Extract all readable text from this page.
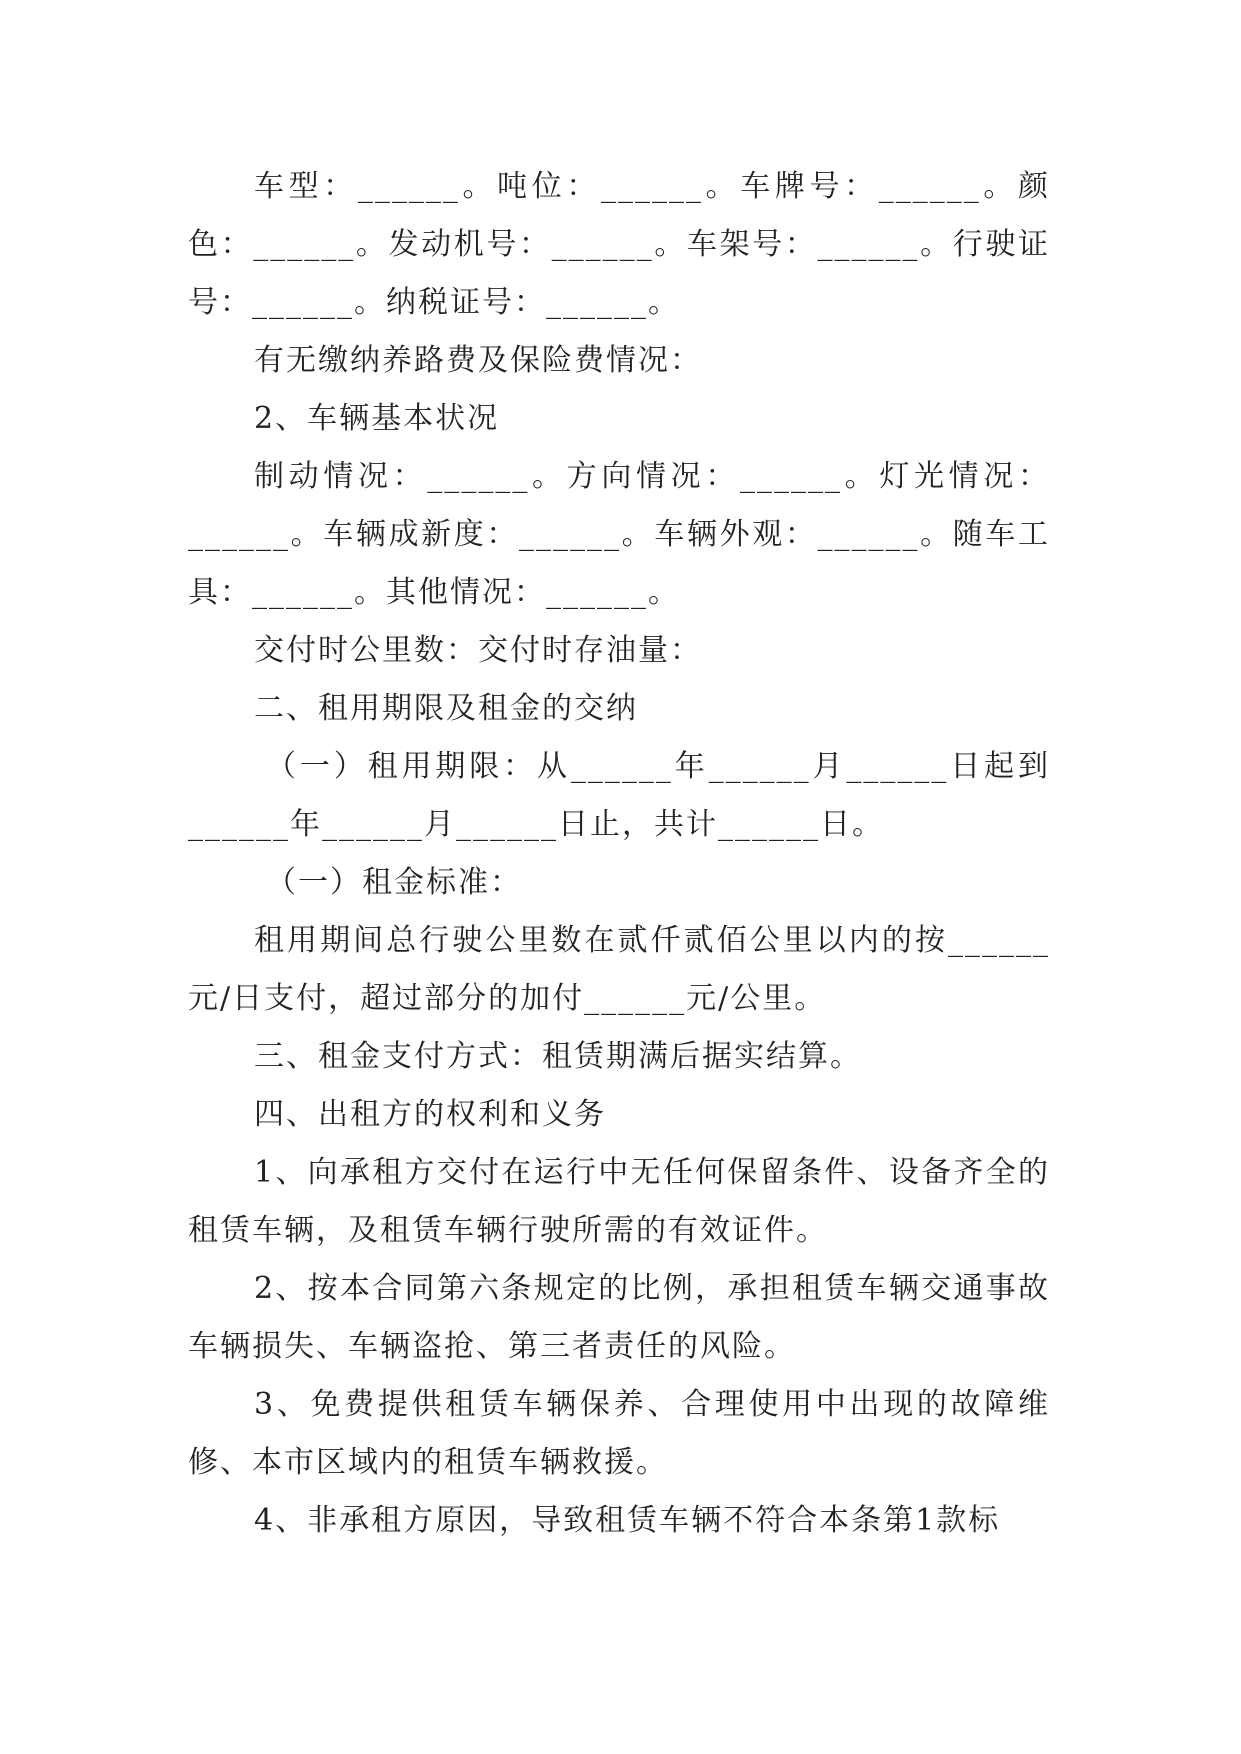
车型：______。吨位：______。车牌号：______。颜色：______。发动机号：______。车架号：______。行驶证号：______。纳税证号：______。

有无缴纳养路费及保险费情况：

2、车辆基本状况

制动情况：______。方向情况：______。灯光情况：______。车辆成新度：______。车辆外观：______。随车工具：______。其他情况：______。

交付时公里数：交付时存油量：

二、租用期限及租金的交纳

（一）租用期限：从______年______月______日起到______年______月______日止，共计______日。

（一）租金标准：

租用期间总行驶公里数在贰仟贰佰公里以内的按______元/日支付，超过部分的加付______元/公里。

三、租金支付方式：租赁期满后据实结算。

四、出租方的权利和义务

1、向承租方交付在运行中无任何保留条件、设备齐全的租赁车辆，及租赁车辆行驶所需的有效证件。

2、按本合同第六条规定的比例，承担租赁车辆交通事故车辆损失、车辆盗抢、第三者责任的风险。

3、免费提供租赁车辆保养、合理使用中出现的故障维修、本市区域内的租赁车辆救援。

4、非承租方原因，导致租赁车辆不符合本条第1款标
